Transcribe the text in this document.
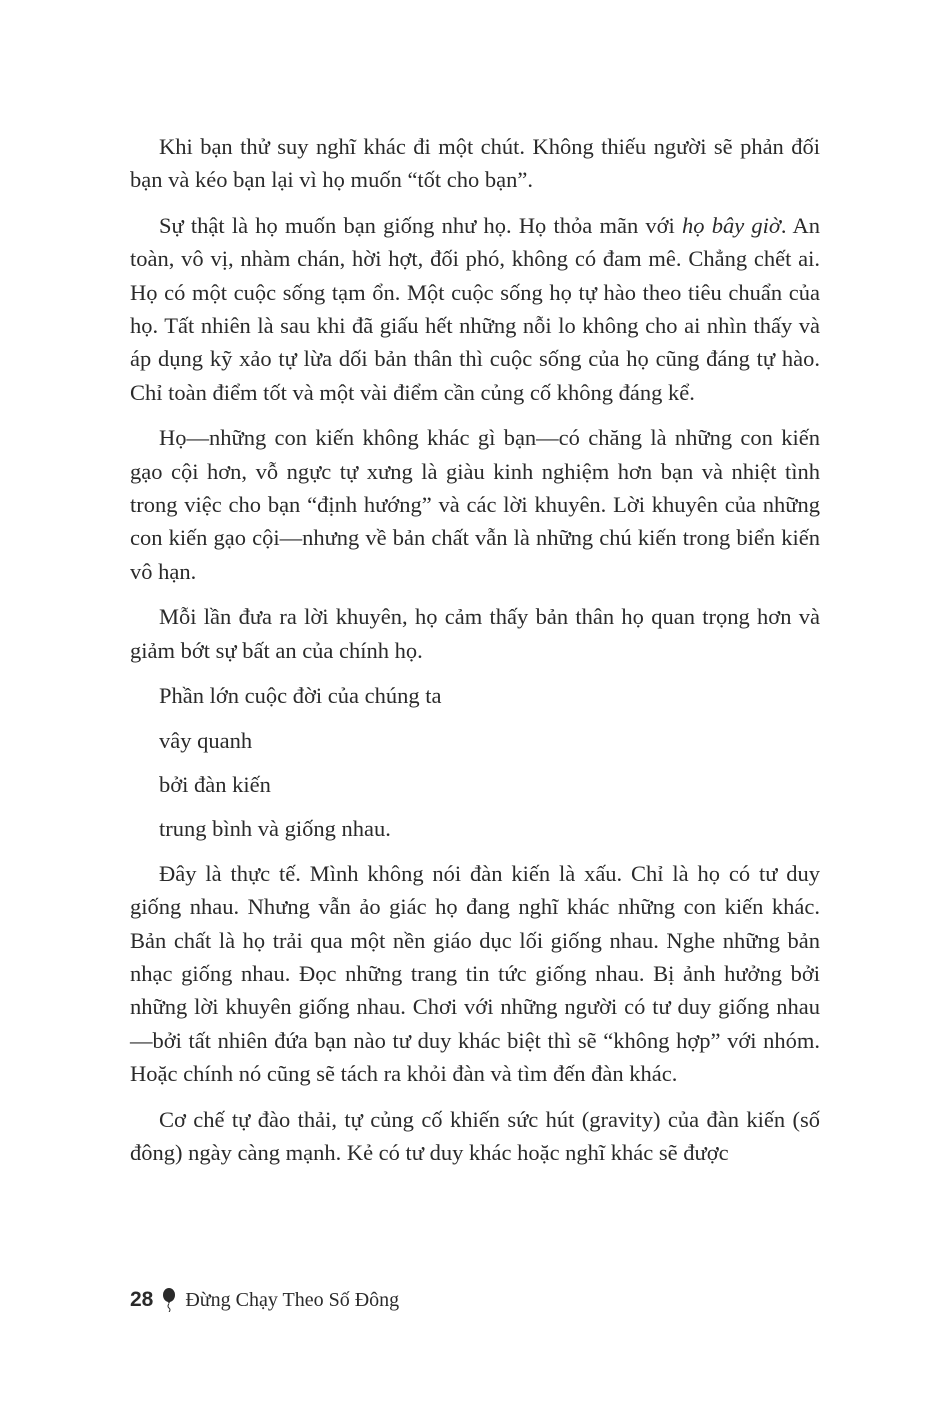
Khi bạn thử suy nghĩ khác đi một chút. Không thiếu người sẽ phản đối bạn và kéo bạn lại vì họ muốn “tốt cho bạn”.

Sự thật là họ muốn bạn giống như họ. Họ thỏa mãn với họ bây giờ. An toàn, vô vị, nhàm chán, hời hợt, đối phó, không có đam mê. Chẳng chết ai. Họ có một cuộc sống tạm ổn. Một cuộc sống họ tự hào theo tiêu chuẩn của họ. Tất nhiên là sau khi đã giấu hết những nỗi lo không cho ai nhìn thấy và áp dụng kỹ xảo tự lừa dối bản thân thì cuộc sống của họ cũng đáng tự hào. Chỉ toàn điểm tốt và một vài điểm cần củng cố không đáng kể.

Họ—những con kiến không khác gì bạn—có chăng là những con kiến gạo cội hơn, vỗ ngực tự xưng là giàu kinh nghiệm hơn bạn và nhiệt tình trong việc cho bạn “định hướng” và các lời khuyên. Lời khuyên của những con kiến gạo cội—nhưng về bản chất vẫn là những chú kiến trong biển kiến vô hạn.

Mỗi lần đưa ra lời khuyên, họ cảm thấy bản thân họ quan trọng hơn và giảm bớt sự bất an của chính họ.

Phần lớn cuộc đời của chúng ta

vây quanh

bởi đàn kiến

trung bình và giống nhau.

Đây là thực tế. Mình không nói đàn kiến là xấu. Chỉ là họ có tư duy giống nhau. Nhưng vẫn ảo giác họ đang nghĩ khác những con kiến khác. Bản chất là họ trải qua một nền giáo dục lối giống nhau. Nghe những bản nhạc giống nhau. Đọc những trang tin tức giống nhau. Bị ảnh hưởng bởi những lời khuyên giống nhau. Chơi với những người có tư duy giống nhau—bởi tất nhiên đứa bạn nào tư duy khác biệt thì sẽ “không hợp” với nhóm. Hoặc chính nó cũng sẽ tách ra khỏi đàn và tìm đến đàn khác.

Cơ chế tự đào thải, tự củng cố khiến sức hút (gravity) của đàn kiến (số đông) ngày càng mạnh. Kẻ có tư duy khác hoặc nghĩ khác sẽ được

28 Đừng Chạy Theo Số Đông
